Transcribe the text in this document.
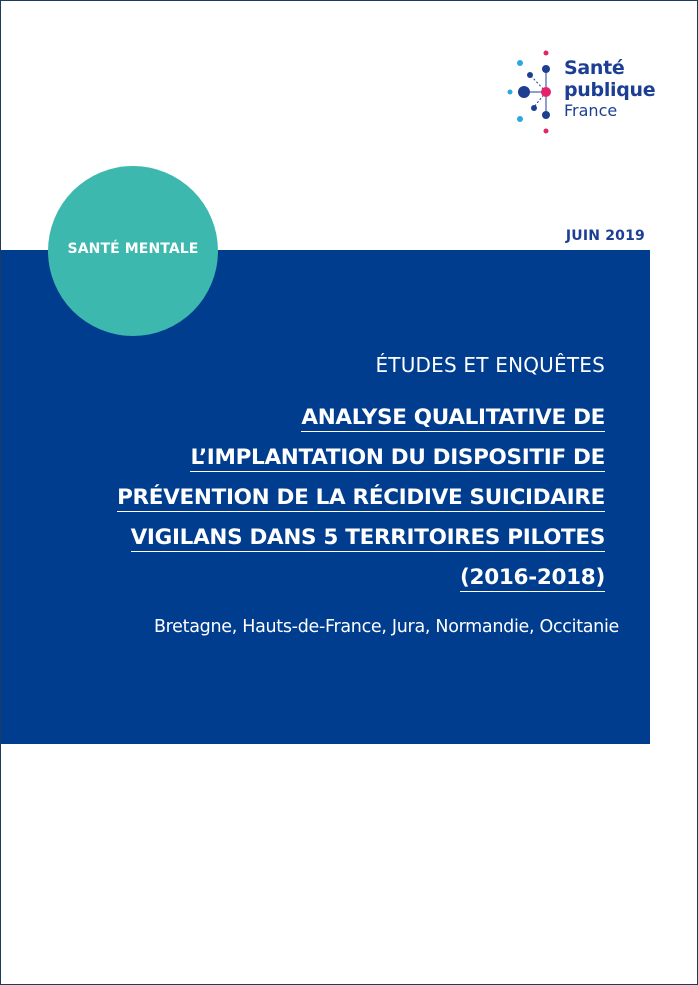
Santé
publique
France
JUIN 2019
SANTÉ MENTALE
ÉTUDES ET ENQUÊTES
ANALYSE QUALITATIVE DE
L’IMPLANTATION DU DISPOSITIF DE
PRÉVENTION DE LA RÉCIDIVE SUICIDAIRE
VIGILANS DANS 5 TERRITOIRES PILOTES
(2016-2018)
Bretagne, Hauts-de-France, Jura, Normandie, Occitanie
